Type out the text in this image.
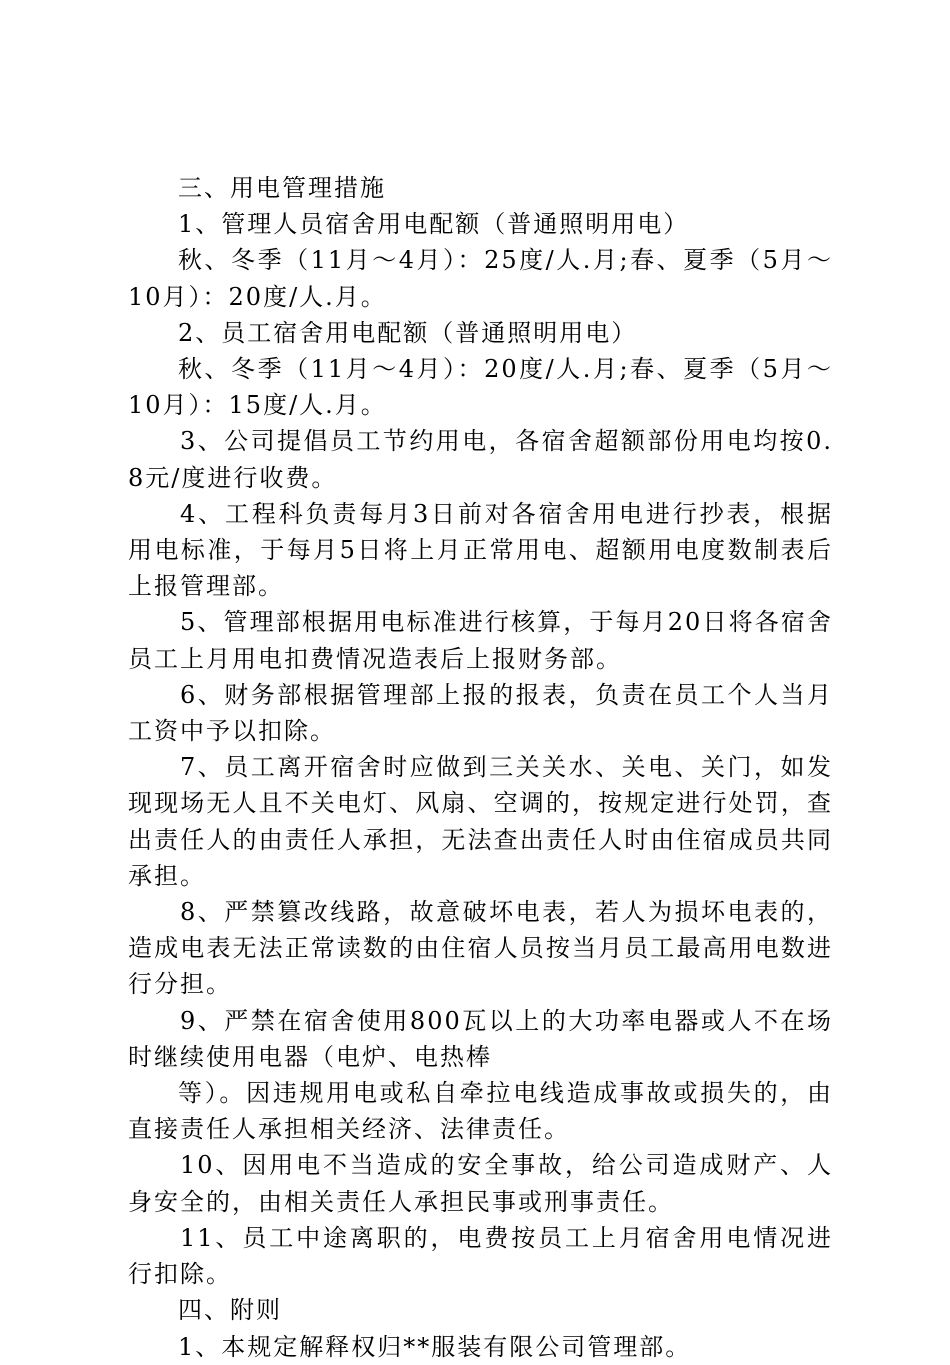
三、用电管理措施

1、管理人员宿舍用电配额（普通照明用电）

秋、冬季（11月～4月）：25度/人.月;春、夏季（5月～10月）：20度/人.月。

2、员工宿舍用电配额（普通照明用电）

秋、冬季（11月～4月）：20度/人.月;春、夏季（5月～10月）：15度/人.月。

3、公司提倡员工节约用电，各宿舍超额部份用电均按0.8元/度进行收费。

4、工程科负责每月3日前对各宿舍用电进行抄表，根据用电标准，于每月5日将上月正常用电、超额用电度数制表后上报管理部。

5、管理部根据用电标准进行核算，于每月20日将各宿舍员工上月用电扣费情况造表后上报财务部。

6、财务部根据管理部上报的报表，负责在员工个人当月工资中予以扣除。

7、员工离开宿舍时应做到三关关水、关电、关门，如发现现场无人且不关电灯、风扇、空调的，按规定进行处罚，查出责任人的由责任人承担，无法查出责任人时由住宿成员共同承担。

8、严禁篡改线路，故意破坏电表，若人为损坏电表的，造成电表无法正常读数的由住宿人员按当月员工最高用电数进行分担。

9、严禁在宿舍使用800瓦以上的大功率电器或人不在场时继续使用电器（电炉、电热棒

等）。因违规用电或私自牵拉电线造成事故或损失的，由直接责任人承担相关经济、法律责任。

10、因用电不当造成的安全事故，给公司造成财产、人身安全的，由相关责任人承担民事或刑事责任。

11、员工中途离职的，电费按员工上月宿舍用电情况进行扣除。

四、附则

1、本规定解释权归**服装有限公司管理部。
